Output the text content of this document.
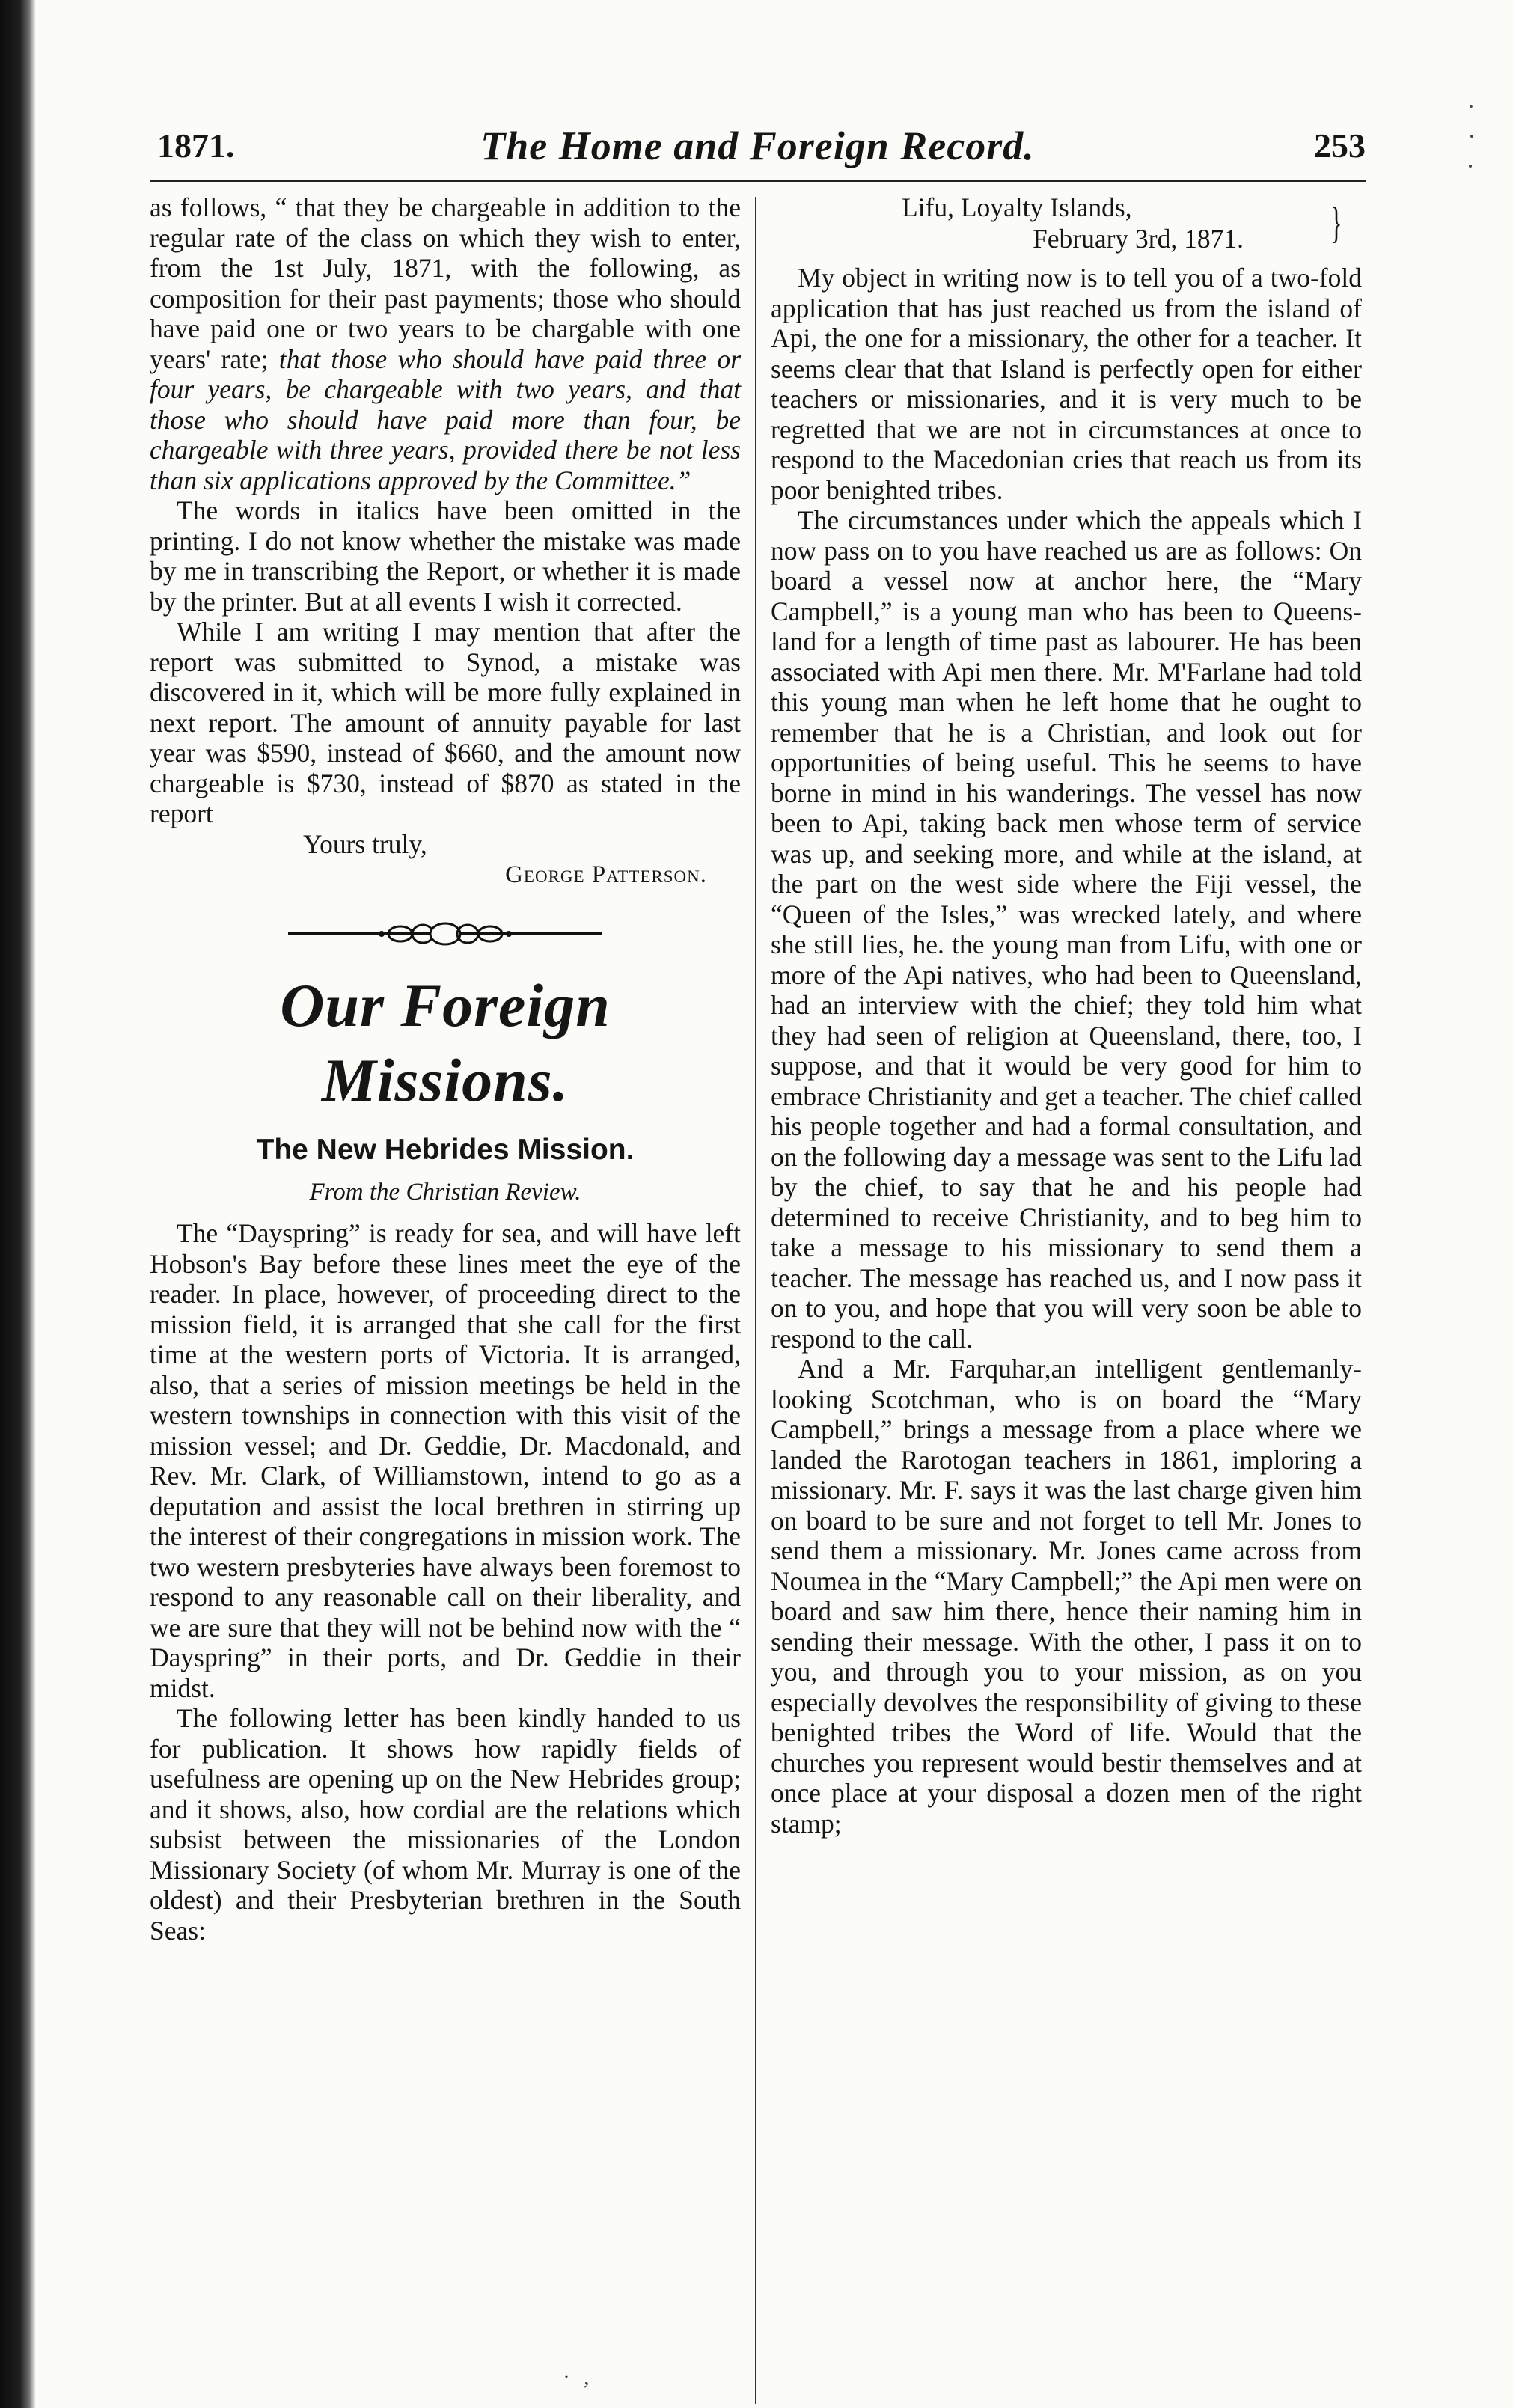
1871.	The Home and Foreign Record.	253

as follows, “ that they be chargeable in addition to the regular rate of the class on which they wish to enter, from the 1st July, 1871, with the following, as composition for their past payments; those who should have paid one or two years to be chargable with one years' rate; that those who should have paid three or four years, be chargeable with two years, and that those who should have paid more than four, be chargeable with three years, provided there be not less than six applications approved by the Committee.”

The words in italics have been omitted in the printing. I do not know whether the mistake was made by me in transcribing the Report, or whether it is made by the printer. But at all events I wish it corrected.

While I am writing I may mention that after the report was submitted to Synod, a mistake was discovered in it, which will be more fully explained in next report. The amount of annuity payable for last year was $590, instead of $660, and the amount now chargeable is $730, instead of $870 as stated in the report

Yours truly,

George Patterson.

Our Foreign Missions.
The New Hebrides Mission.
From the Christian Review.

The “Dayspring” is ready for sea, and will have left Hobson's Bay before these lines meet the eye of the reader. In place, however, of proceeding direct to the mission field, it is arranged that she call for the first time at the western ports of Victoria. It is arranged, also, that a series of mission meetings be held in the western townships in connection with this visit of the mission vessel; and Dr. Geddie, Dr. Macdonald, and Rev. Mr. Clark, of Williamstown, intend to go as a deputation and assist the local brethren in stirring up the interest of their congregations in mission work. The two western presbyteries have always been foremost to respond to any reasonable call on their liberality, and we are sure that they will not be behind now with the “ Dayspring” in their ports, and Dr. Geddie in their midst.

The following letter has been kindly handed to us for publication. It shows how rapidly fields of usefulness are opening up on the New Hebrides group; and it shows, also, how cordial are the relations which subsist between the missionaries of the London Missionary Society (of whom Mr. Murray is one of the oldest) and their Presbyterian brethren in the South Seas:

Lifu, Loyalty Islands,
February 3rd, 1871. }

My object in writing now is to tell you of a two-fold application that has just reached us from the island of Api, the one for a missionary, the other for a teacher. It seems clear that that Island is perfectly open for either teachers or missionaries, and it is very much to be regretted that we are not in circumstances at once to respond to the Macedonian cries that reach us from its poor benighted tribes.

The circumstances under which the appeals which I now pass on to you have reached us are as follows: On board a vessel now at anchor here, the “Mary Campbell,” is a young man who has been to Queensland for a length of time past as labourer. He has been associated with Api men there. Mr. M'Farlane had told this young man when he left home that he ought to remember that he is a Christian, and look out for opportunities of being useful. This he seems to have borne in mind in his wanderings. The vessel has now been to Api, taking back men whose term of service was up, and seeking more, and while at the island, at the part on the west side where the Fiji vessel, the “Queen of the Isles,” was wrecked lately, and where she still lies, he. the young man from Lifu, with one or more of the Api natives, who had been to Queensland, had an interview with the chief; they told him what they had seen of religion at Queensland, there, too, I suppose, and that it would be very good for him to embrace Christianity and get a teacher. The chief called his people together and had a formal consultation, and on the following day a message was sent to the Lifu lad by the chief, to say that he and his people had determined to receive Christianity, and to beg him to take a message to his missionary to send them a teacher. The message has reached us, and I now pass it on to you, and hope that you will very soon be able to respond to the call.

And a Mr. Farquhar,an intelligent gentlemanly-looking Scotchman, who is on board the “Mary Campbell,” brings a message from a place where we landed the Rarotogan teachers in 1861, imploring a missionary. Mr. F. says it was the last charge given him on board to be sure and not forget to tell Mr. Jones to send them a missionary. Mr. Jones came across from Noumea in the “Mary Campbell;” the Api men were on board and saw him there, hence their naming him in sending their message. With the other, I pass it on to you, and through you to your mission, as on you especially devolves the responsibility of giving to these benighted tribes the Word of life. Would that the churches you represent would bestir themselves and at once place at your disposal a dozen men of the right stamp;

· ,
